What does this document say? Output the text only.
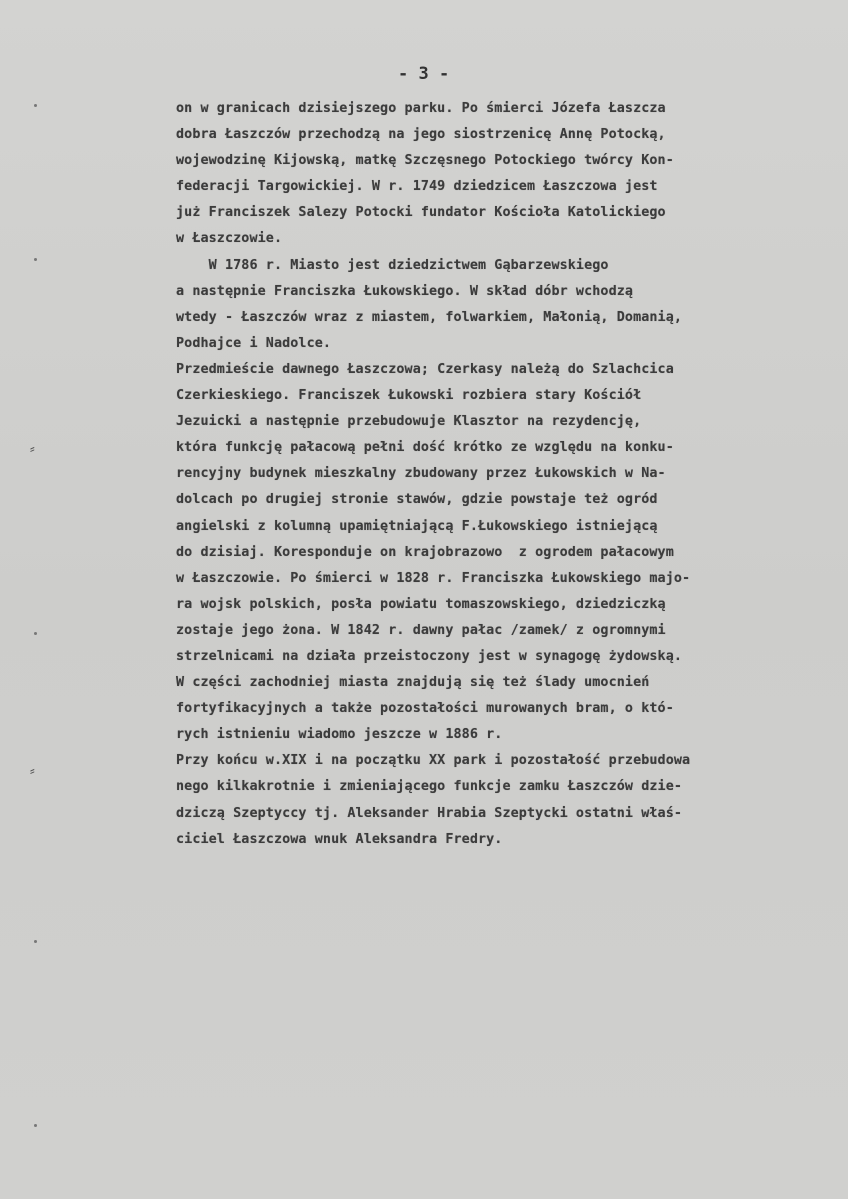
- 3 -
on w granicach dzisiejszego parku. Po śmierci Józefa Łaszcza
dobra Łaszczów przechodzą na jego siostrzenicę Annę Potocką,
wojewodzinę Kijowską, matkę Szczęsnego Potockiego twórcy Kon-
federacji Targowickiej. W r. 1749 dziedzicem Łaszczowa jest
już Franciszek Salezy Potocki fundator Kościoła Katolickiego
w Łaszczowie.
W 1786 r. Miasto jest dziedzictwem Gąbarzewskiego
a następnie Franciszka Łukowskiego. W skład dóbr wchodzą
wtedy - Łaszczów wraz z miastem, folwarkiem, Małonią, Domanią,
Podhajce i Nadolce.
Przedmieście dawnego Łaszczowa; Czerkasy należą do Szlachcica
Czerkieskiego. Franciszek Łukowski rozbiera stary Kościół
Jezuicki a następnie przebudowuje Klasztor na rezydencję,
która funkcję pałacową pełni dość krótko ze względu na konku-
rencyjny budynek mieszkalny zbudowany przez Łukowskich w Na-
dolcach po drugiej stronie stawów, gdzie powstaje też ogród
angielski z kolumną upamiętniającą F.Łukowskiego istniejącą
do dzisiaj. Koresponduje on krajobrazowo  z ogrodem pałacowym
w Łaszczowie. Po śmierci w 1828 r. Franciszka Łukowskiego majo-
ra wojsk polskich, posła powiatu tomaszowskiego, dziedziczką
zostaje jego żona. W 1842 r. dawny pałac /zamek/ z ogromnymi
strzelnicami na działa przeistoczony jest w synagogę żydowską.
W części zachodniej miasta znajdują się też ślady umocnień
fortyfikacyjnych a także pozostałości murowanych bram, o któ-
rych istnieniu wiadomo jeszcze w 1886 r.
Przy końcu w.XIX i na początku XX park i pozostałość przebudowa
nego kilkakrotnie i zmieniającego funkcje zamku Łaszczów dzie-
dziczą Szeptyccy tj. Aleksander Hrabia Szeptycki ostatni właś-
ciciel Łaszczowa wnuk Aleksandra Fredry.
⸗
⸗
